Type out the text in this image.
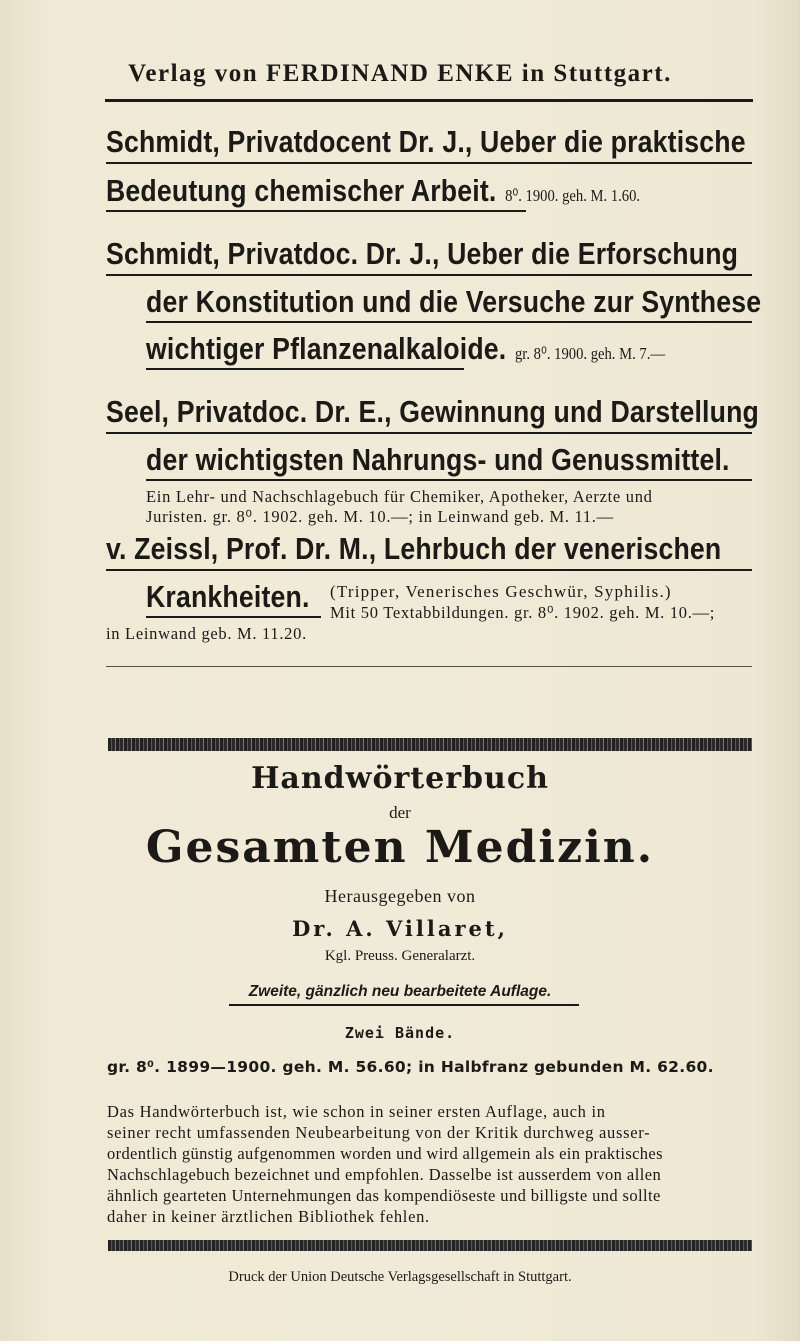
Verlag von FERDINAND ENKE in Stuttgart.
Schmidt, Privatdocent Dr. J., Ueber die praktische
Bedeutung chemischer Arbeit. 8⁰. 1900. geh. M. 1.60.
Schmidt, Privatdoc. Dr. J., Ueber die Erforschung
der Konstitution und die Versuche zur Synthese
wichtiger Pflanzenalkaloide. gr. 8⁰. 1900. geh. M. 7.—
Seel, Privatdoc. Dr. E., Gewinnung und Darstellung
der wichtigsten Nahrungs- und Genussmittel.
Ein Lehr- und Nachschlagebuch für Chemiker, Apotheker, Aerzte und
Juristen. gr. 8⁰. 1902. geh. M. 10.—; in Leinwand geb. M. 11.—
v. Zeissl, Prof. Dr. M., Lehrbuch der venerischen
Krankheiten. (Tripper, Venerisches Geschwür, Syphilis.)
Mit 50 Textabbildungen. gr. 8⁰. 1902. geh. M. 10.—;
in Leinwand geb. M. 11.20.
Handwörterbuch
der
Gesamten Medizin.
Herausgegeben von
Dr. A. Villaret,
Kgl. Preuss. Generalarzt.
Zweite, gänzlich neu bearbeitete Auflage.
Zwei Bände.
gr. 8⁰. 1899—1900. geh. M. 56.60; in Halbfranz gebunden M. 62.60.
Das Handwörterbuch ist, wie schon in seiner ersten Auflage, auch in
seiner recht umfassenden Neubearbeitung von der Kritik durchweg ausser-
ordentlich günstig aufgenommen worden und wird allgemein als ein praktisches
Nachschlagebuch bezeichnet und empfohlen. Dasselbe ist ausserdem von allen
ähnlich gearteten Unternehmungen das kompendiöseste und billigste und sollte
daher in keiner ärztlichen Bibliothek fehlen.
Druck der Union Deutsche Verlagsgesellschaft in Stuttgart.
